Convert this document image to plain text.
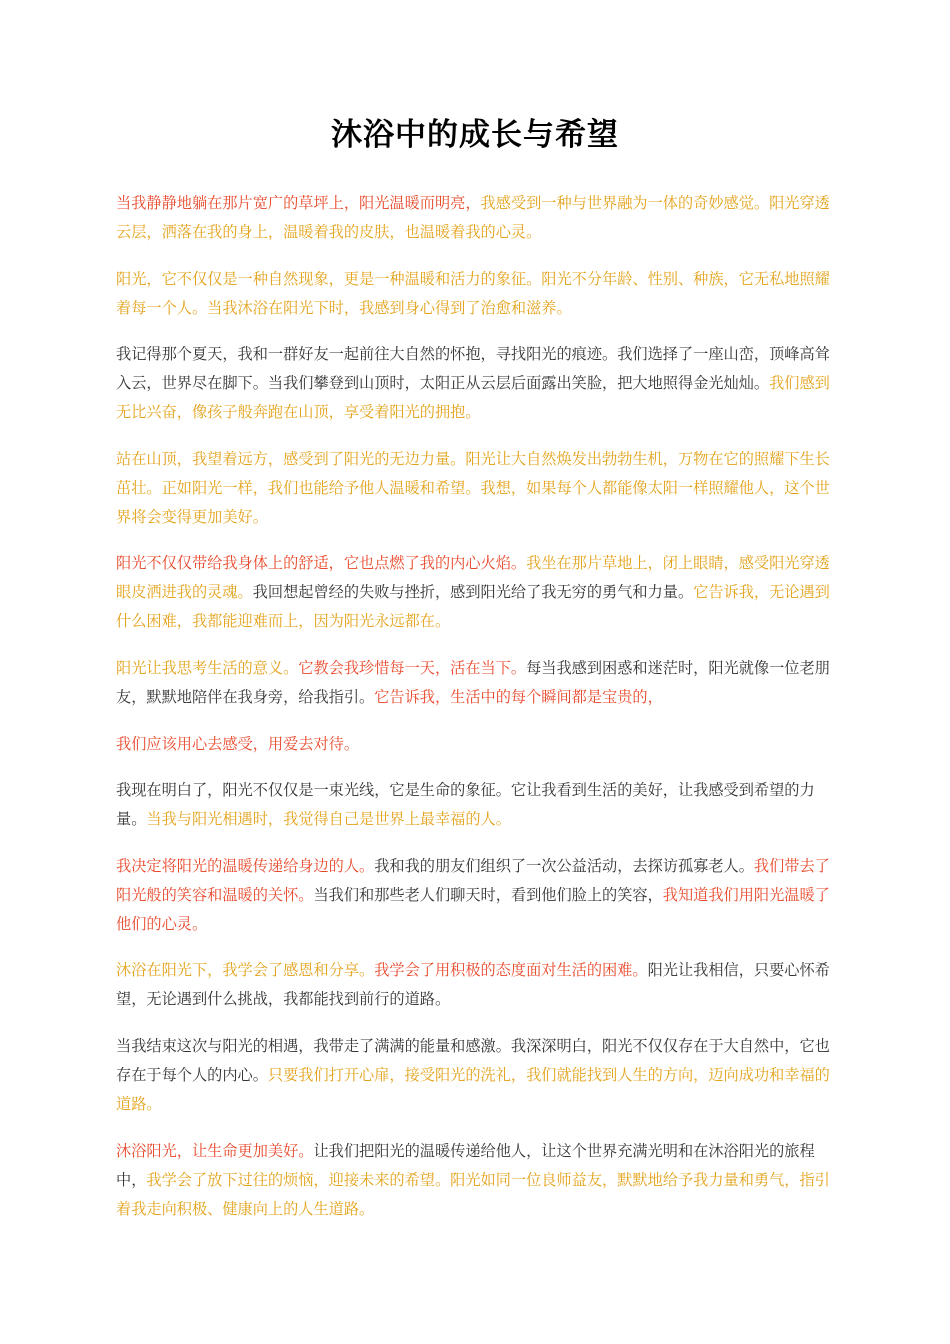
沐浴中的成长与希望
当我静静地躺在那片宽广的草坪上，阳光温暖而明亮，我感受到一种与世界融为一体的奇妙感觉。阳光穿透云层，洒落在我的身上，温暖着我的皮肤，也温暖着我的心灵。
阳光，它不仅仅是一种自然现象，更是一种温暖和活力的象征。阳光不分年龄、性别、种族，它无私地照耀着每一个人。当我沐浴在阳光下时，我感到身心得到了治愈和滋养。
我记得那个夏天，我和一群好友一起前往大自然的怀抱，寻找阳光的痕迹。我们选择了一座山峦，顶峰高耸入云，世界尽在脚下。当我们攀登到山顶时，太阳正从云层后面露出笑脸，把大地照得金光灿灿。我们感到无比兴奋，像孩子般奔跑在山顶，享受着阳光的拥抱。
站在山顶，我望着远方，感受到了阳光的无边力量。阳光让大自然焕发出勃勃生机，万物在它的照耀下生长茁壮。正如阳光一样，我们也能给予他人温暖和希望。我想，如果每个人都能像太阳一样照耀他人，这个世界将会变得更加美好。
阳光不仅仅带给我身体上的舒适，它也点燃了我的内心火焰。我坐在那片草地上，闭上眼睛，感受阳光穿透眼皮洒进我的灵魂。我回想起曾经的失败与挫折，感到阳光给了我无穷的勇气和力量。它告诉我，无论遇到什么困难，我都能迎难而上，因为阳光永远都在。
阳光让我思考生活的意义。它教会我珍惜每一天，活在当下。每当我感到困惑和迷茫时，阳光就像一位老朋友，默默地陪伴在我身旁，给我指引。它告诉我，生活中的每个瞬间都是宝贵的，
我们应该用心去感受，用爱去对待。
我现在明白了，阳光不仅仅是一束光线，它是生命的象征。它让我看到生活的美好，让我感受到希望的力量。当我与阳光相遇时，我觉得自己是世界上最幸福的人。
我决定将阳光的温暖传递给身边的人。我和我的朋友们组织了一次公益活动，去探访孤寡老人。我们带去了阳光般的笑容和温暖的关怀。当我们和那些老人们聊天时，看到他们脸上的笑容，我知道我们用阳光温暖了他们的心灵。
沐浴在阳光下，我学会了感恩和分享。我学会了用积极的态度面对生活的困难。阳光让我相信，只要心怀希望，无论遇到什么挑战，我都能找到前行的道路。
当我结束这次与阳光的相遇，我带走了满满的能量和感激。我深深明白，阳光不仅仅存在于大自然中，它也存在于每个人的内心。只要我们打开心扉，接受阳光的洗礼，我们就能找到人生的方向，迈向成功和幸福的道路。
沐浴阳光，让生命更加美好。让我们把阳光的温暖传递给他人，让这个世界充满光明和在沐浴阳光的旅程中，我学会了放下过往的烦恼，迎接未来的希望。阳光如同一位良师益友，默默地给予我力量和勇气，指引着我走向积极、健康向上的人生道路。
